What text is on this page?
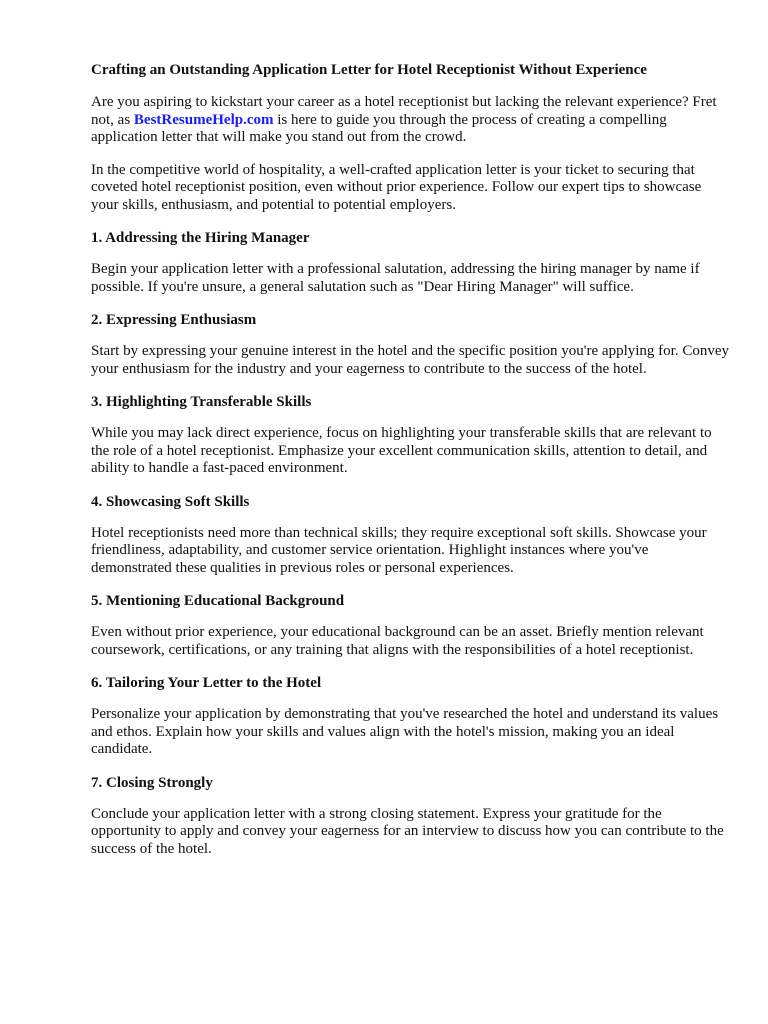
Crafting an Outstanding Application Letter for Hotel Receptionist Without Experience

Are you aspiring to kickstart your career as a hotel receptionist but lacking the relevant experience? Fret not, as BestResumeHelp.com is here to guide you through the process of creating a compelling application letter that will make you stand out from the crowd.

In the competitive world of hospitality, a well-crafted application letter is your ticket to securing that coveted hotel receptionist position, even without prior experience. Follow our expert tips to showcase your skills, enthusiasm, and potential to potential employers.

1. Addressing the Hiring Manager

Begin your application letter with a professional salutation, addressing the hiring manager by name if possible. If you're unsure, a general salutation such as "Dear Hiring Manager" will suffice.

2. Expressing Enthusiasm

Start by expressing your genuine interest in the hotel and the specific position you're applying for. Convey your enthusiasm for the industry and your eagerness to contribute to the success of the hotel.

3. Highlighting Transferable Skills

While you may lack direct experience, focus on highlighting your transferable skills that are relevant to the role of a hotel receptionist. Emphasize your excellent communication skills, attention to detail, and ability to handle a fast-paced environment.

4. Showcasing Soft Skills

Hotel receptionists need more than technical skills; they require exceptional soft skills. Showcase your friendliness, adaptability, and customer service orientation. Highlight instances where you've demonstrated these qualities in previous roles or personal experiences.

5. Mentioning Educational Background

Even without prior experience, your educational background can be an asset. Briefly mention relevant coursework, certifications, or any training that aligns with the responsibilities of a hotel receptionist.

6. Tailoring Your Letter to the Hotel

Personalize your application by demonstrating that you've researched the hotel and understand its values and ethos. Explain how your skills and values align with the hotel's mission, making you an ideal candidate.

7. Closing Strongly

Conclude your application letter with a strong closing statement. Express your gratitude for the opportunity to apply and convey your eagerness for an interview to discuss how you can contribute to the success of the hotel.
